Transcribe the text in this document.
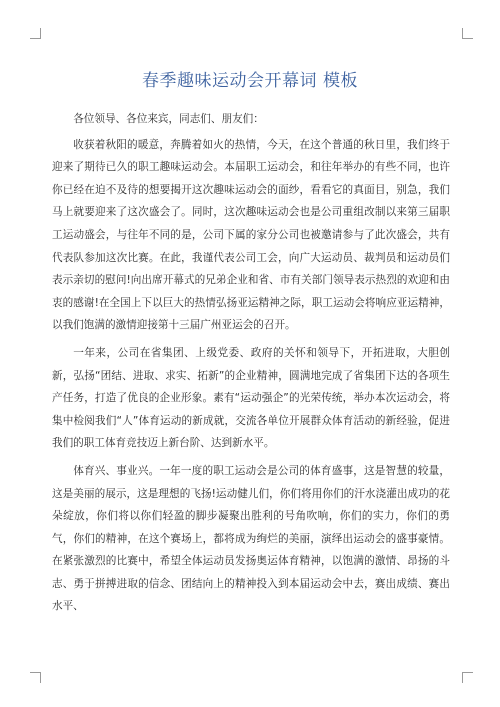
春季趣味运动会开幕词 模板

各位领导、各位来宾，同志们、朋友们：

收获着秋阳的暖意，奔腾着如火的热情，今天，在这个普通的秋日里，我们终于迎来了期待已久的职工趣味运动会。本届职工运动会，和往年举办的有些不同，也许你已经在迫不及待的想要揭开这次趣味运动会的面纱，看看它的真面目，别急，我们马上就要迎来了这次盛会了。同时，这次趣味运动会也是公司重组改制以来第三届职工运动盛会，与往年不同的是，公司下属的家分公司也被邀请参与了此次盛会，共有代表队参加这次比赛。在此，我谨代表公司工会，向广大运动员、裁判员和运动员们表示亲切的慰问!向出席开幕式的兄弟企业和省、市有关部门领导表示热烈的欢迎和由衷的感谢!在全国上下以巨大的热情弘扬亚运精神之际，职工运动会将响应亚运精神，以我们饱满的激情迎接第十三届广州亚运会的召开。

一年来，公司在省集团、上级党委、政府的关怀和领导下，开拓进取，大胆创新，弘扬“团结、进取、求实、拓新”的企业精神，圆满地完成了省集团下达的各项生产任务，打造了优良的企业形象。素有“运动强企”的光荣传统，举办本次运动会，将集中检阅我们“人”体育运动的新成就，交流各单位开展群众体育活动的新经验，促进我们的职工体育竞技迈上新台阶、达到新水平。

体育兴、事业兴。一年一度的职工运动会是公司的体育盛事，这是智慧的较量，这是美丽的展示，这是理想的飞扬!运动健儿们，你们将用你们的汗水浇灌出成功的花朵绽放，你们将以你们轻盈的脚步凝聚出胜利的号角吹响，你们的实力，你们的勇气，你们的精神，在这个赛场上，都将成为绚烂的美丽，演绎出运动会的盛事豪情。在紧张激烈的比赛中，希望全体运动员发扬奥运体育精神，以饱满的激情、昂扬的斗志、勇于拼搏进取的信念、团结向上的精神投入到本届运动会中去，赛出成绩、赛出水平、
